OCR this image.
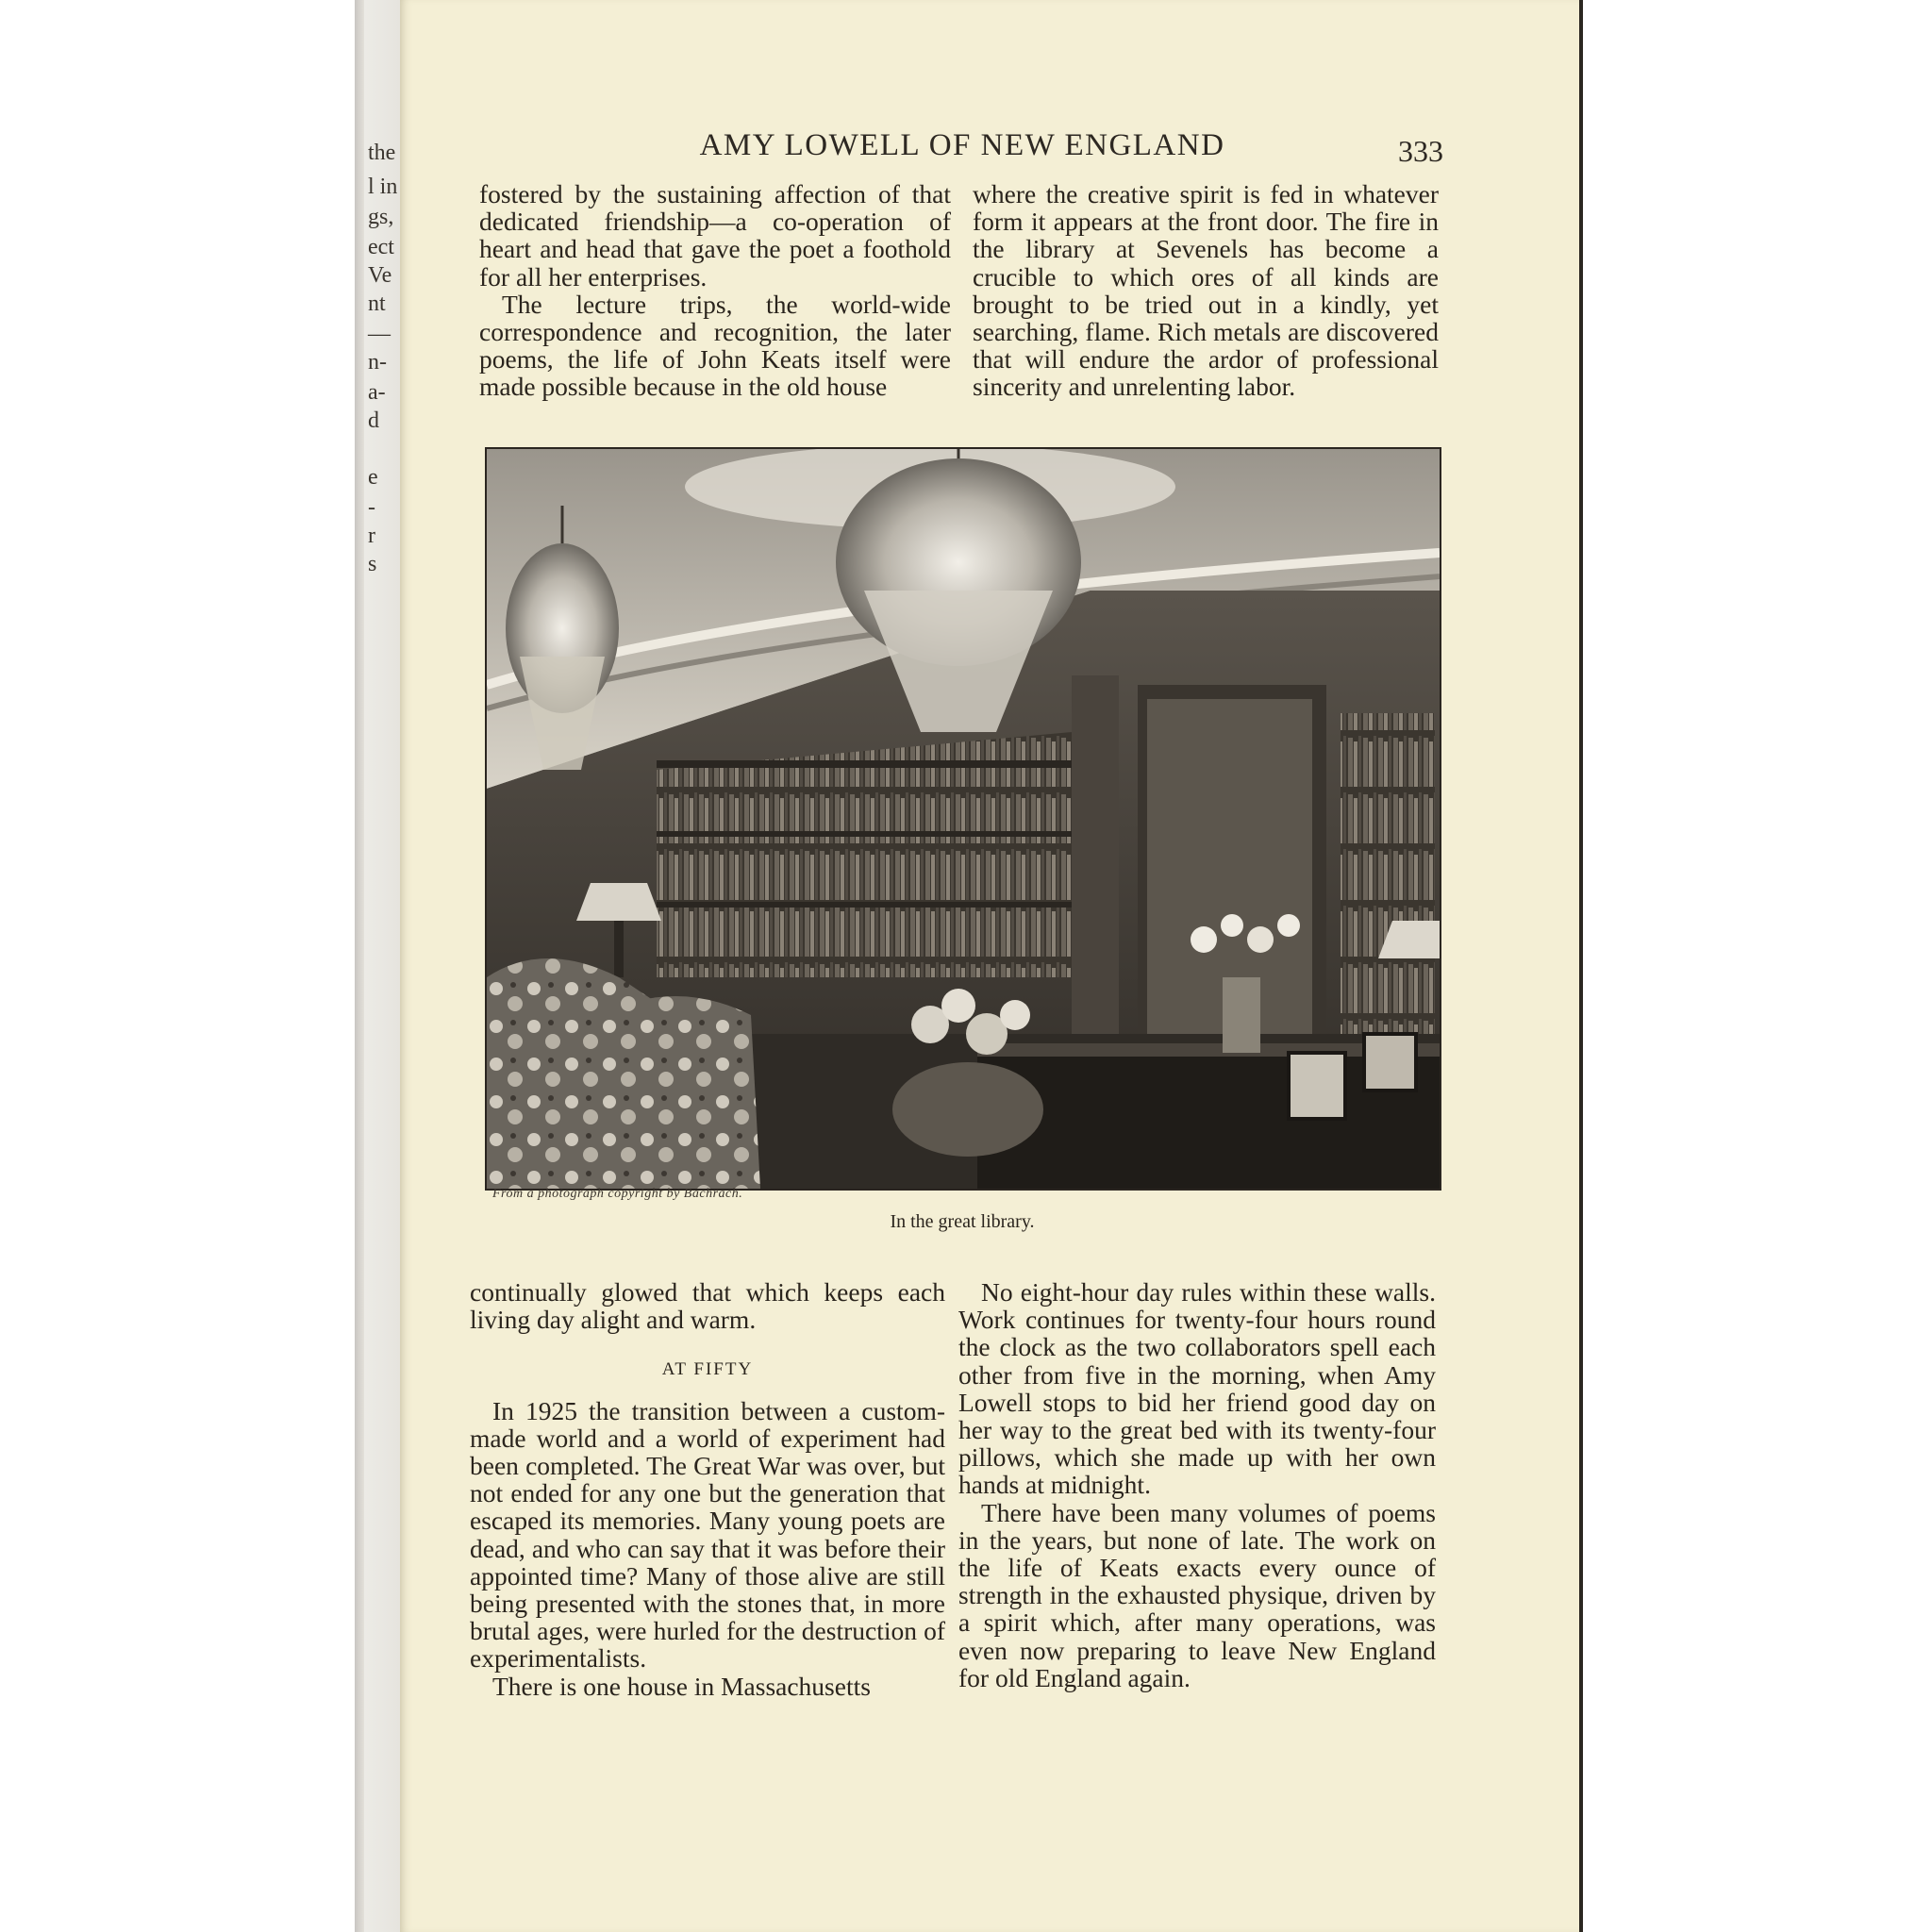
the
l in
gs,
ect
Ve
nt
—
n-
a-
d
e
-
r
s
AMY LOWELL OF NEW ENGLAND	333

fostered by the sustaining affection of that dedicated friendship—a co-operation of heart and head that gave the poet a foothold for all her enterprises.

The lecture trips, the world-wide correspondence and recognition, the later poems, the life of John Keats itself were made possible because in the old house

where the creative spirit is fed in whatever form it appears at the front door. The fire in the library at Sevenels has become a crucible to which ores of all kinds are brought to be tried out in a kindly, yet searching, flame. Rich metals are discovered that will endure the ardor of professional sincerity and unrelenting labor.

From a photograph copyright by Bachrach.
In the great library.

continually glowed that which keeps each living day alight and warm.

AT FIFTY

In 1925 the transition between a custom-made world and a world of experiment had been completed. The Great War was over, but not ended for any one but the generation that escaped its memories. Many young poets are dead, and who can say that it was before their appointed time? Many of those alive are still being presented with the stones that, in more brutal ages, were hurled for the destruction of experimentalists.

There is one house in Massachusetts

No eight-hour day rules within these walls. Work continues for twenty-four hours round the clock as the two collaborators spell each other from five in the morning, when Amy Lowell stops to bid her friend good day on her way to the great bed with its twenty-four pillows, which she made up with her own hands at midnight.

There have been many volumes of poems in the years, but none of late. The work on the life of Keats exacts every ounce of strength in the exhausted physique, driven by a spirit which, after many operations, was even now preparing to leave New England for old England again.
